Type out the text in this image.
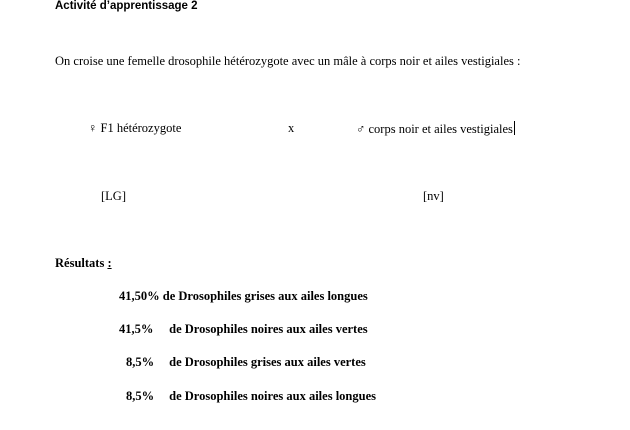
Activité d’apprentissage 2
On croise une femelle drosophile hétérozygote avec un mâle à corps noir et ailes vestigiales :
♀ F1 hétérozygote	x	♂ corps noir et ailes vestigiales
[LG]	[nv]
Résultats :
41,50% de Drosophiles grises aux ailes longues
41,5% de Drosophiles noires aux ailes vertes
8,5% de Drosophiles grises aux ailes vertes
8,5% de Drosophiles noires aux ailes longues
